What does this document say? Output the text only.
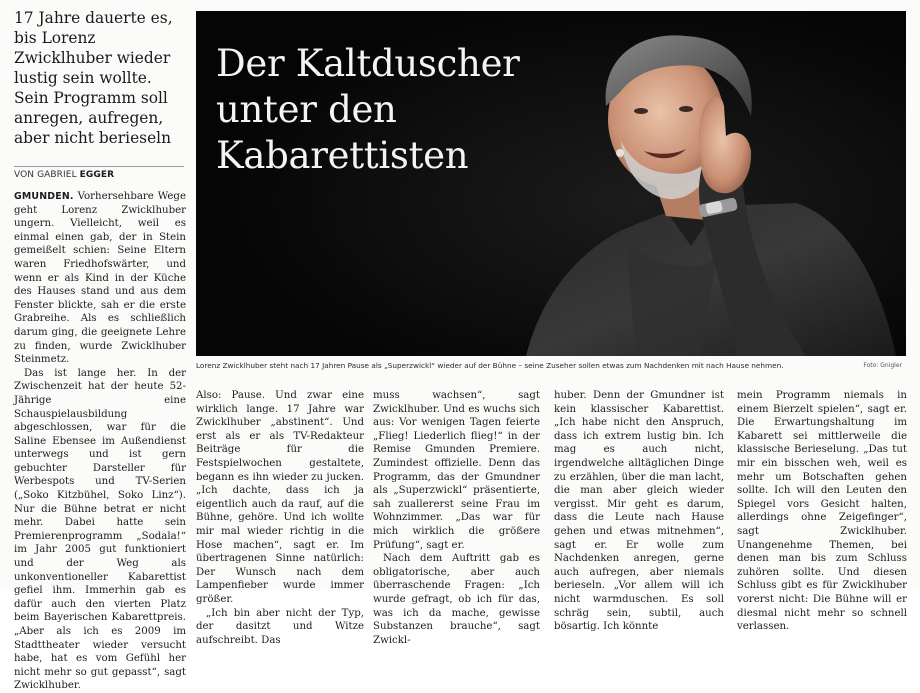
17 Jahre dauerte es, bis Lorenz Zwicklhuber wieder lustig sein wollte. Sein Programm soll anregen, aufregen, aber nicht berieseln
VON GABRIEL EGGER

GMUNDEN. Vorhersehbare Wege geht Lorenz Zwicklhuber ungern. Vielleicht, weil es einmal einen gab, der in Stein gemeißelt schien: Seine Eltern waren Friedhofswärter, und wenn er als Kind in der Küche des Hauses stand und aus dem Fenster blickte, sah er die erste Grabreihe. Als es schließlich darum ging, die geeignete Lehre zu finden, wurde Zwicklhuber Steinmetz.

Das ist lange her. In der Zwischenzeit hat der heute 52-Jährige eine Schauspielausbildung abgeschlossen, war für die Saline Ebensee im Außendienst unterwegs und ist gern gebuchter Darsteller für Werbespots und TV-Serien („Soko Kitzbühel, Soko Linz“). Nur die Bühne betrat er nicht mehr. Dabei hatte sein Premierenprogramm „Sodala!“ im Jahr 2005 gut funktioniert und der Weg als unkonventioneller Kabarettist gefiel ihm. Immerhin gab es dafür auch den vierten Platz beim Bayerischen Kabarettpreis. „Aber als ich es 2009 im Stadttheater wieder versucht habe, hat es vom Gefühl her nicht mehr so gut gepasst“, sagt Zwicklhuber.

Der Kaltduscher unter den Kabarettisten
Lorenz Zwicklhuber steht nach 17 Jahren Pause als „Superzwickl“ wieder auf der Bühne – seine Zuseher sollen etwas zum Nachdenken mit nach Hause nehmen.	Foto: Gnigler

Also: Pause. Und zwar eine wirklich lange. 17 Jahre war Zwicklhuber „abstinent“. Und erst als er als TV-Redakteur Beiträge für die Festspielwochen gestaltete, begann es ihn wieder zu jucken. „Ich dachte, dass ich ja eigentlich auch da rauf, auf die Bühne, gehöre. Und ich wollte mir mal wieder richtig in die Hose machen“, sagt er. Im übertragenen Sinne natürlich: Der Wunsch nach dem Lampenfieber wurde immer größer.

„Ich bin aber nicht der Typ, der dasitzt und Witze aufschreibt. Das

muss wachsen“, sagt Zwicklhuber. Und es wuchs sich aus: Vor wenigen Tagen feierte „Flieg! Liederlich flieg!“ in der Remise Gmunden Premiere. Zumindest offizielle. Denn das Programm, das der Gmundner als „Superzwickl“ präsentierte, sah zuallererst seine Frau im Wohnzimmer. „Das war für mich wirklich die größere Prüfung“, sagt er.

Nach dem Auftritt gab es obligatorische, aber auch überraschende Fragen: „Ich wurde gefragt, ob ich für das, was ich da mache, gewisse Substanzen brauche“, sagt Zwickl-

huber. Denn der Gmundner ist kein klassischer Kabarettist. „Ich habe nicht den Anspruch, dass ich extrem lustig bin. Ich mag es auch nicht, irgendwelche alltäglichen Dinge zu erzählen, über die man lacht, die man aber gleich wieder vergisst. Mir geht es darum, dass die Leute nach Hause gehen und etwas mitnehmen“, sagt er. Er wolle zum Nachdenken anregen, gerne auch aufregen, aber niemals berieseln. „Vor allem will ich nicht warmduschen. Es soll schräg sein, subtil, auch bösartig. Ich könnte

mein Programm niemals in einem Bierzelt spielen“, sagt er. Die Erwartungshaltung im Kabarett sei mittlerweile die klassische Berieselung. „Das tut mir ein bisschen weh, weil es mehr um Botschaften gehen sollte. Ich will den Leuten den Spiegel vors Gesicht halten, allerdings ohne Zeigefinger“, sagt Zwicklhuber. Unangenehme Themen, bei denen man bis zum Schluss zuhören sollte. Und diesen Schluss gibt es für Zwicklhuber vorerst nicht: Die Bühne will er diesmal nicht mehr so schnell verlassen.
